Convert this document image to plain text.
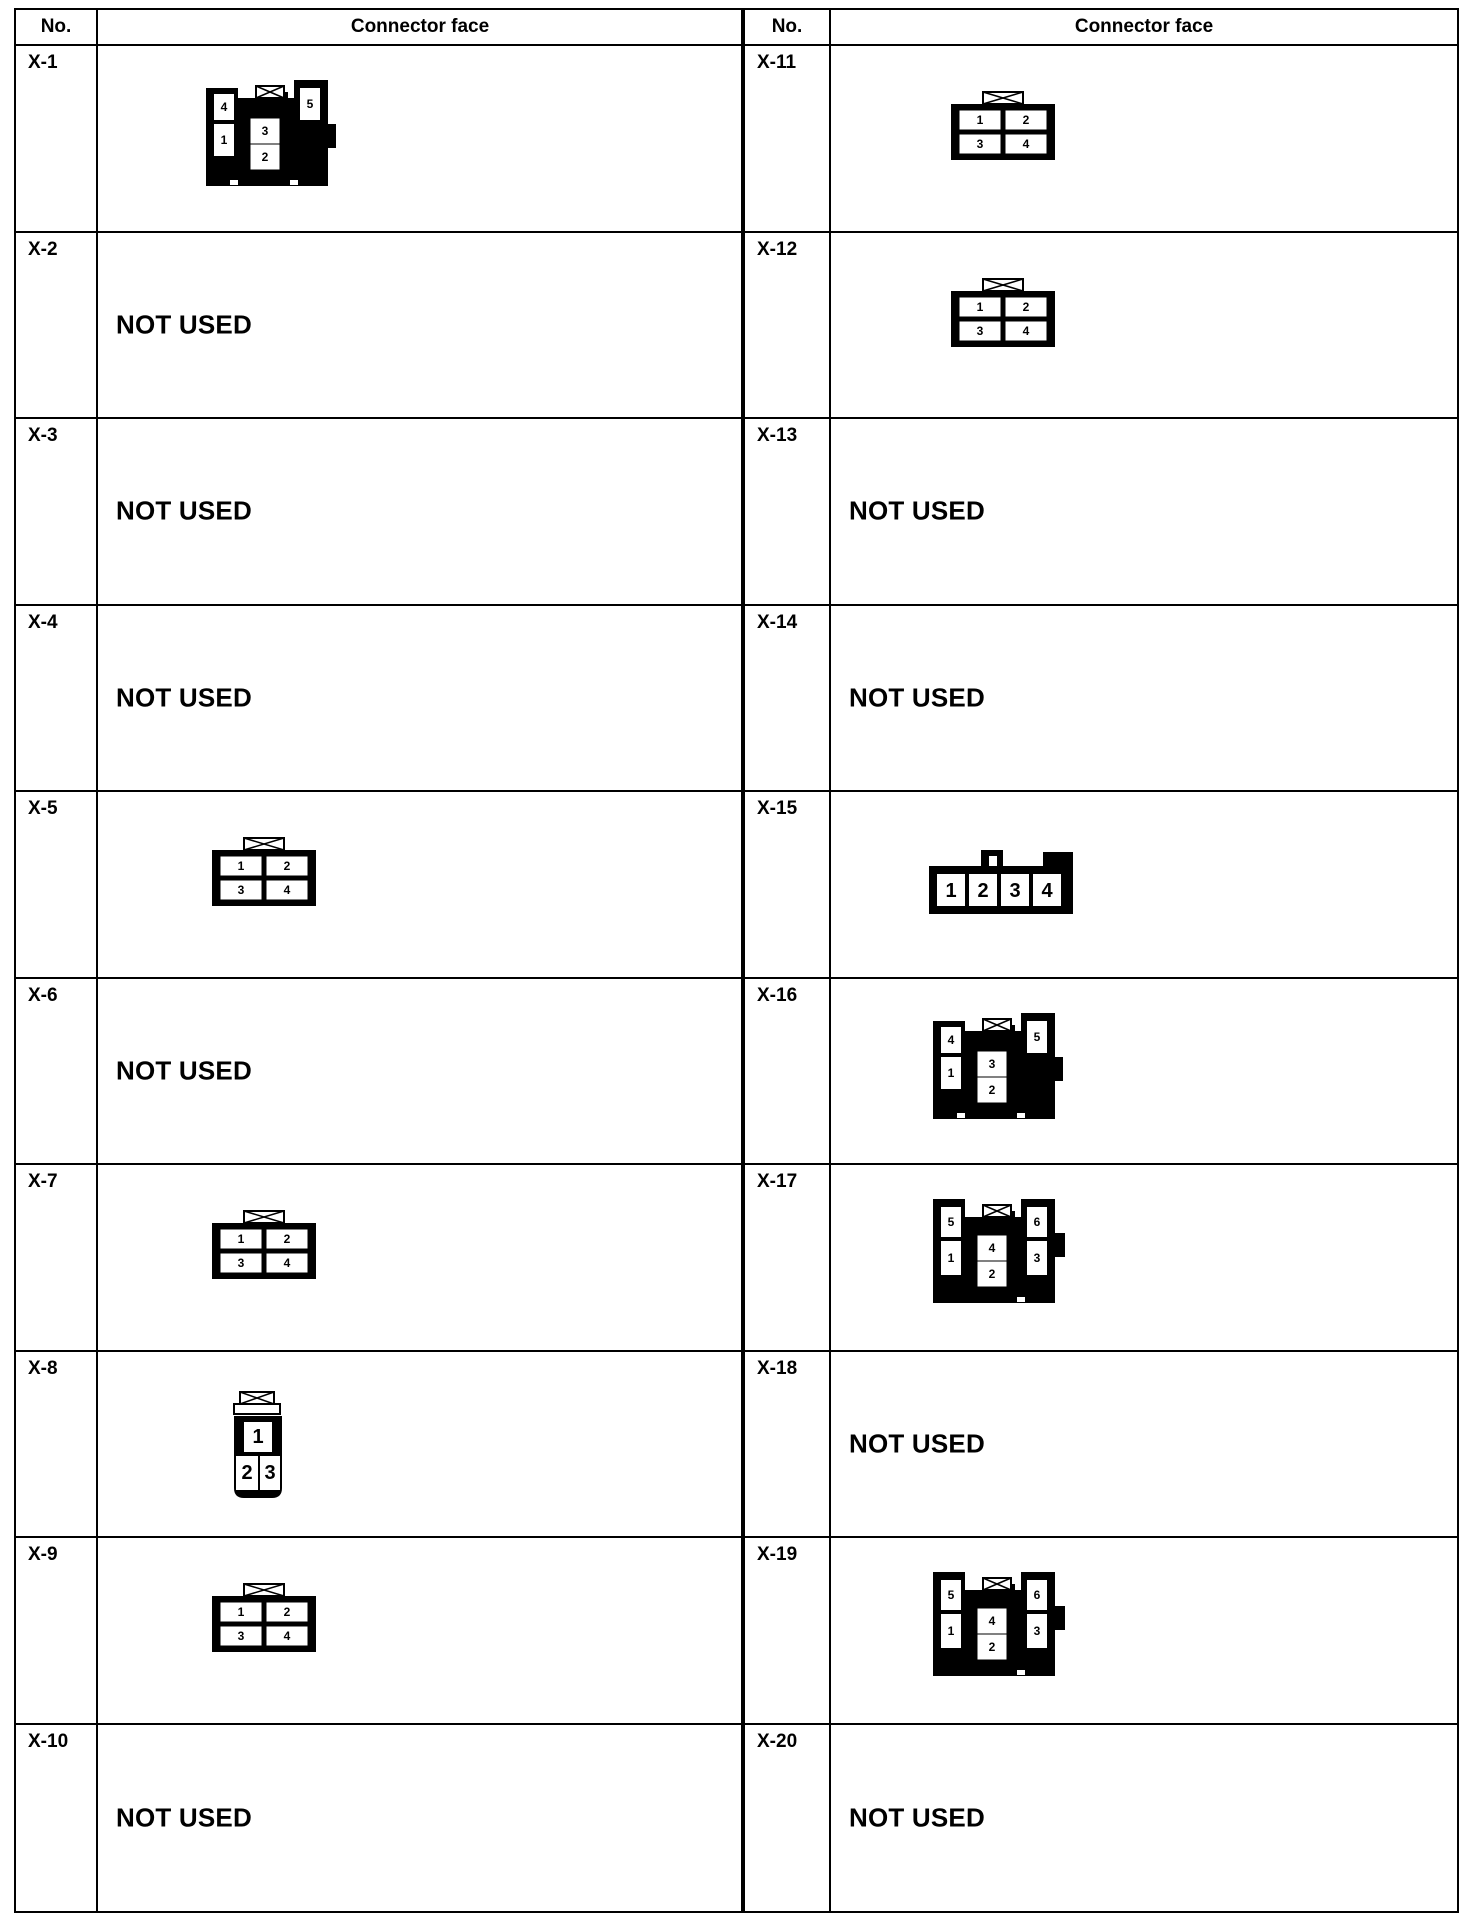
No.	Connector face
X-1
4
1
3
2
5
X-2
NOT USED
X-3
NOT USED
X-4
NOT USED
X-5
1	2
3	4
X-6
NOT USED
X-7
1	2
3	4
X-8
1
2 3
X-9
1	2
3	4
X-10
NOT USED
No.	Connector face
X-11
1	2
3	4
X-12
1	2
3	4
X-13
NOT USED
X-14
NOT USED
X-15
1 2 3 4
X-16
4
1
3
2
5
X-17
5
1
4
2
6
3
X-18
NOT USED
X-19
5
1
4
2
6
3
X-20
NOT USED
